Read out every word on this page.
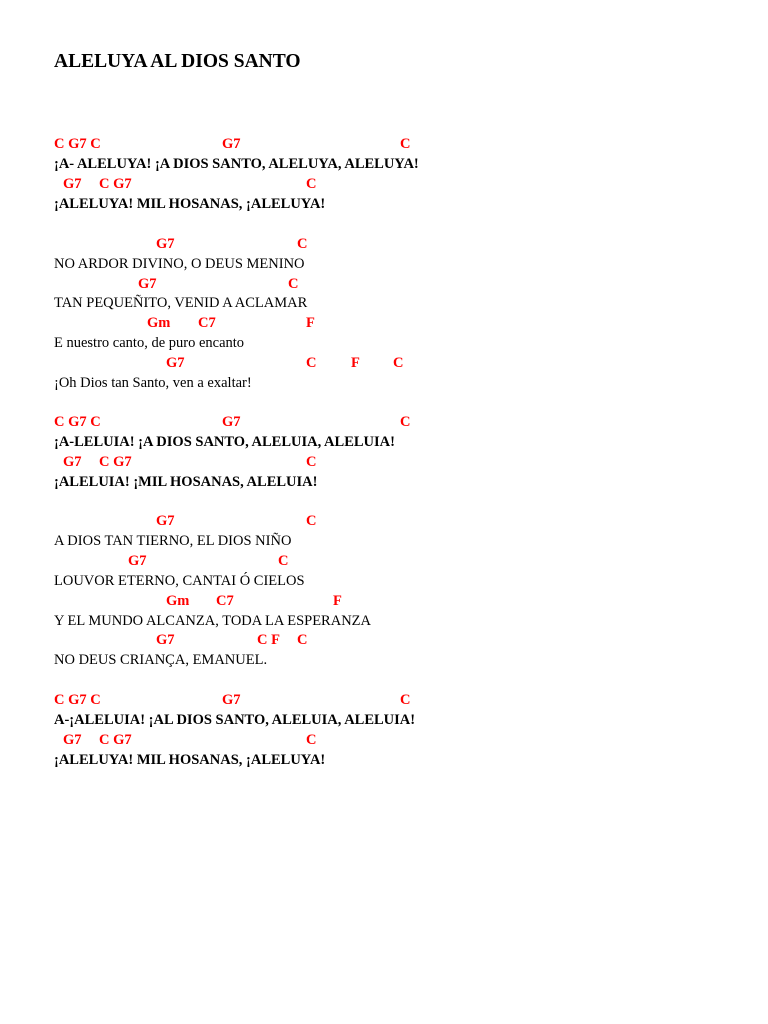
ALELUYA AL DIOS SANTO
C G7 C	G7	C
¡A- ALELUYA! ¡A DIOS SANTO, ALELUYA, ALELUYA!
G7 C G7	C
¡ALELUYA! MIL HOSANAS, ¡ALELUYA!
G7	C
NO ARDOR DIVINO, O DEUS MENINO
G7	C
TAN PEQUEÑITO, VENID A ACLAMAR
Gm C7	F
E nuestro canto, de puro encanto
G7	C F C
¡Oh Dios tan Santo, ven a exaltar!
C G7 C	G7	C
¡A-LELUIA! ¡A DIOS SANTO, ALELUIA, ALELUIA!
G7 C G7	C
¡ALELUIA! ¡MIL HOSANAS, ALELUIA!
G7	C
A DIOS TAN TIERNO, EL DIOS NIÑO
G7	C
LOUVOR ETERNO, CANTAI Ó CIELOS
Gm C7	F
Y EL MUNDO ALCANZA, TODA LA ESPERANZA
G7	C F C
NO DEUS CRIANÇA, EMANUEL.
C G7 C	G7	C
A-¡ALELUIA! ¡AL DIOS SANTO, ALELUIA, ALELUIA!
G7 C G7	C
¡ALELUYA! MIL HOSANAS, ¡ALELUYA!
